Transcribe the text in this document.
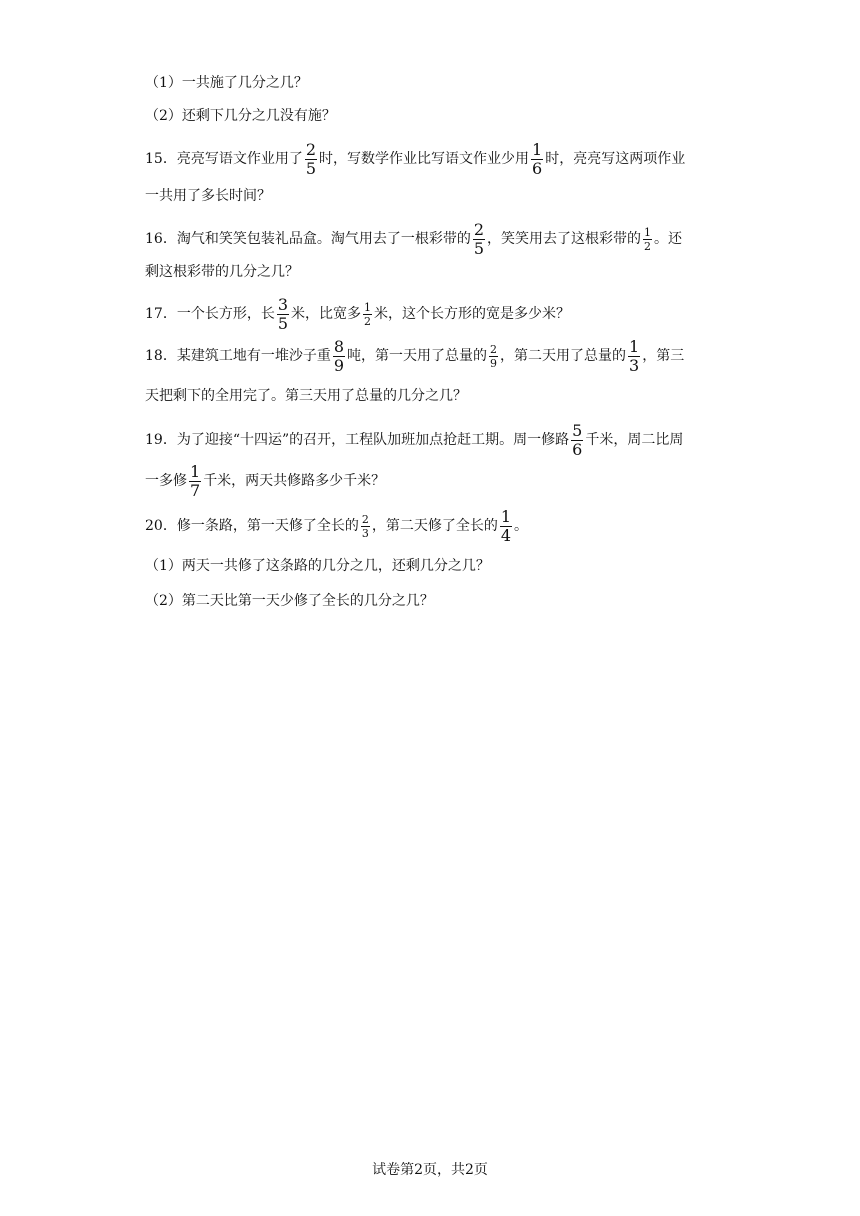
（1）一共施了几分之几？
（2）还剩下几分之几没有施？
15．亮亮写语文作业用了 $\frac{2}{5}$ 时，写数学作业比写语文作业少用 $\frac{1}{6}$ 时，亮亮写这两项作业
一共用了多长时间？
16．淘气和笑笑包装礼品盒。淘气用去了一根彩带的 $\frac{2}{5}$ ，笑笑用去了这根彩带的 $\frac{1}{2}$ 。还
剩这根彩带的几分之几？
17．一个长方形，长 $\frac{3}{5}$ 米，比宽多 $\frac{1}{2}$ 米，这个长方形的宽是多少米？
18．某建筑工地有一堆沙子重 $\frac{8}{9}$ 吨，第一天用了总量的 $\frac{2}{9}$ ，第二天用了总量的 $\frac{1}{3}$ ，第三
天把剩下的全用完了。第三天用了总量的几分之几？
19．为了迎接“十四运”的召开，工程队加班加点抢赶工期。周一修路 $\frac{5}{6}$ 千米，周二比周
一多修 $\frac{1}{7}$ 千米，两天共修路多少千米？
20．修一条路，第一天修了全长的 $\frac{2}{3}$ ，第二天修了全长的 $\frac{1}{4}$ 。
（1）两天一共修了这条路的几分之几，还剩几分之几？
（2）第二天比第一天少修了全长的几分之几？
试卷第2页，共2页
